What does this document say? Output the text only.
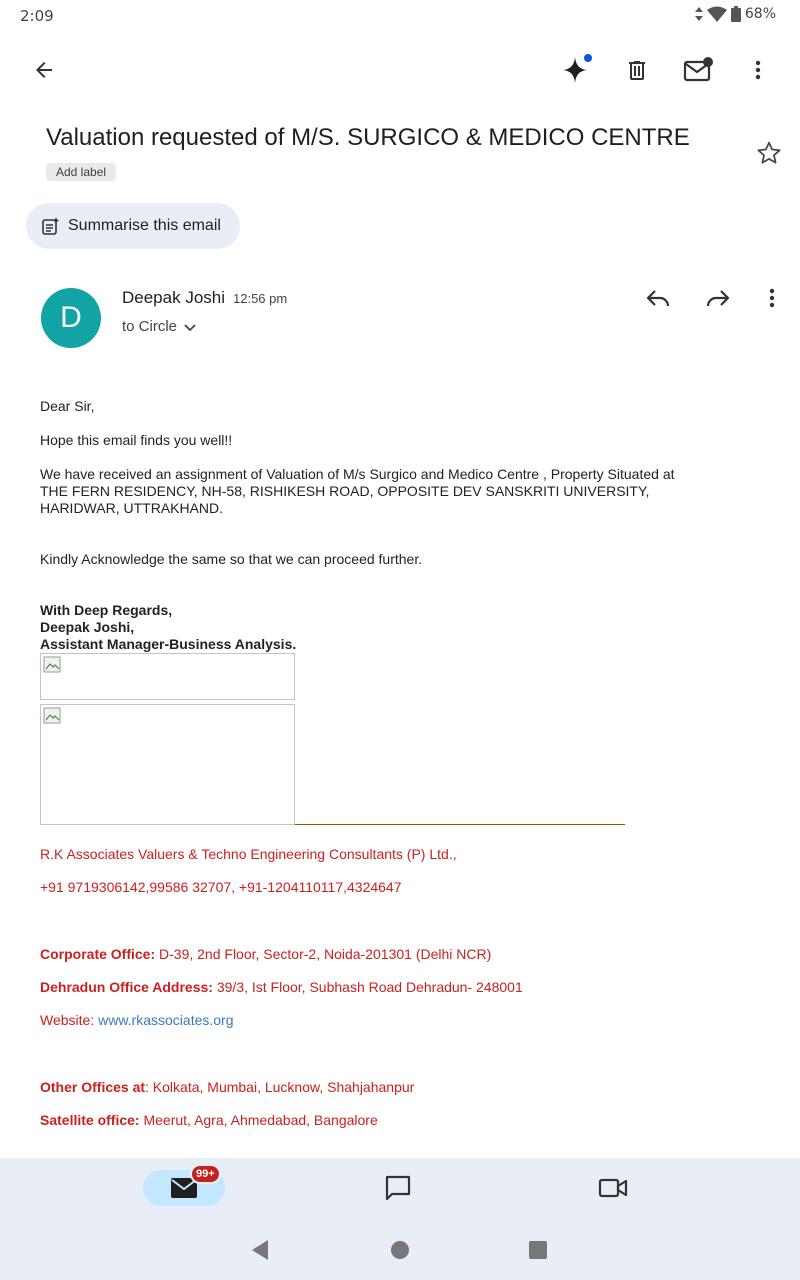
2:09	68%
Valuation requested of M/S. SURGICO & MEDICO CENTRE
Add label
Summarise this email
D
Deepak Joshi 12:56 pm
to Circle
Dear Sir,
Hope this email finds you well!!
We have received an assignment of Valuation of M/s Surgico and Medico Centre , Property Situated at THE FERN RESIDENCY, NH-58, RISHIKESH ROAD, OPPOSITE DEV SANSKRITI UNIVERSITY, HARIDWAR, UTTRAKHAND.
Kindly Acknowledge the same so that we can proceed further.
With Deep Regards,
Deepak Joshi,
Assistant Manager-Business Analysis.
R.K Associates Valuers & Techno Engineering Consultants (P) Ltd.,
+91 9719306142,99586 32707, +91-1204110117,4324647
Corporate Office: D-39, 2nd Floor, Sector-2, Noida-201301 (Delhi NCR)
Dehradun Office Address: 39/3, Ist Floor, Subhash Road Dehradun- 248001
Website: www.rkassociates.org
Other Offices at: Kolkata, Mumbai, Lucknow, Shahjahanpur
Satellite office: Meerut, Agra, Ahmedabad, Bangalore
99+
